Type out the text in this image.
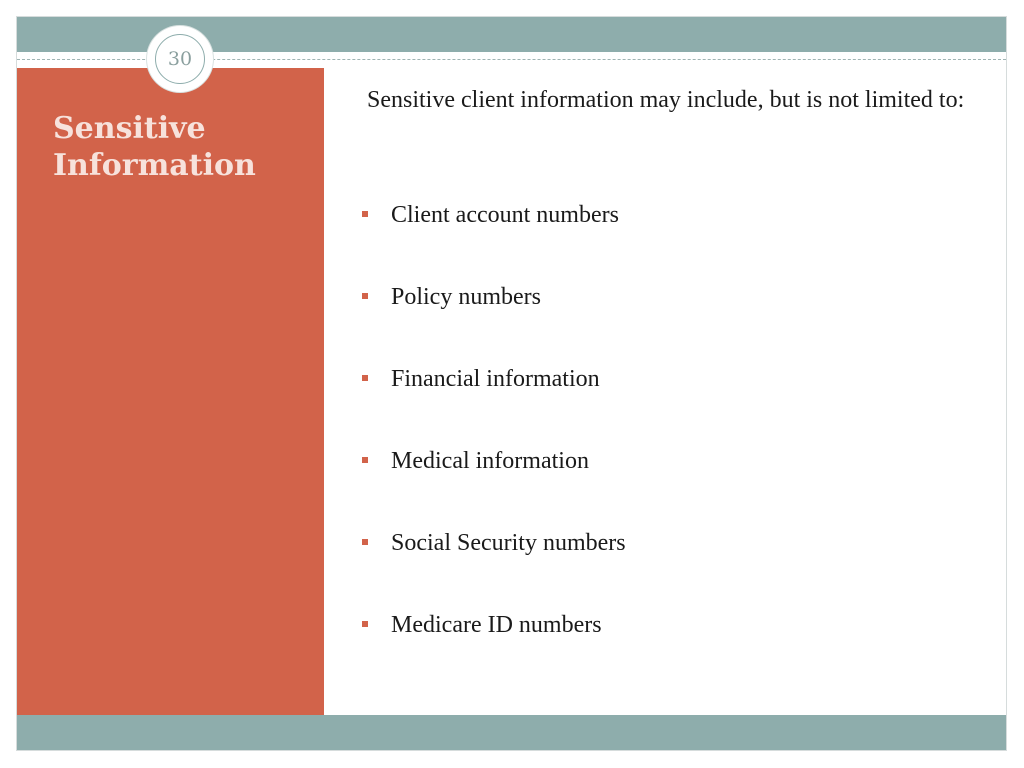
30
Sensitive
Information

Sensitive client information may include, but is not limited to:

Client account numbers
Policy numbers
Financial information
Medical information
Social Security numbers
Medicare ID numbers
